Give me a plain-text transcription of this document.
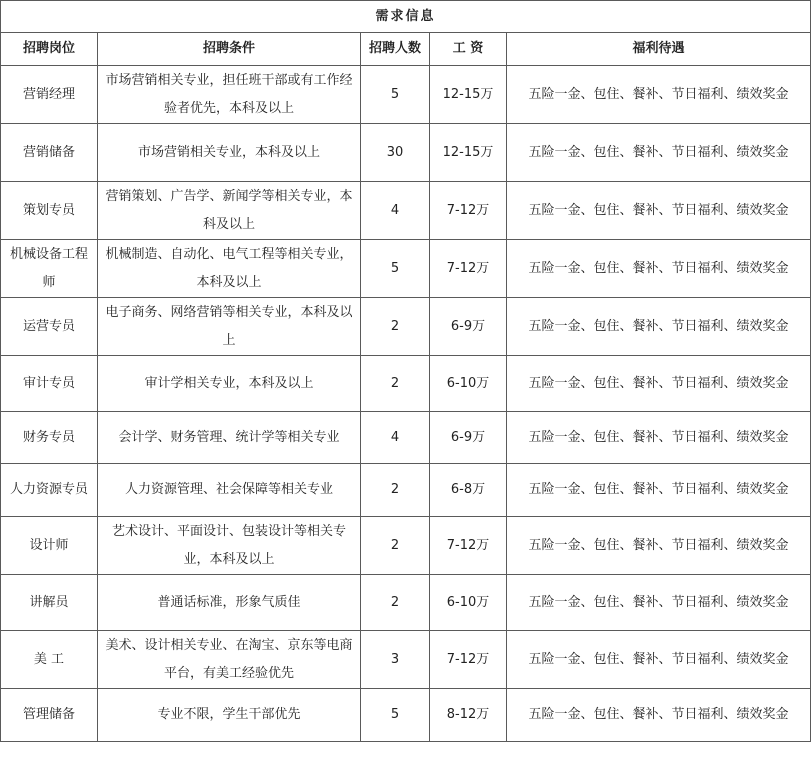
需求信息				
招聘岗位	招聘条件	招聘人数	工 资	福利待遇
营销经理	市场营销相关专业，担任班干部或有工作经验者优先，本科及以上	5	12-15万	五险一金、包住、餐补、节日福利、绩效奖金
营销储备	市场营销相关专业，本科及以上	30	12-15万	五险一金、包住、餐补、节日福利、绩效奖金
策划专员	营销策划、广告学、新闻学等相关专业，本科及以上	4	7-12万	五险一金、包住、餐补、节日福利、绩效奖金
机械设备工程师	机械制造、自动化、电气工程等相关专业，本科及以上	5	7-12万	五险一金、包住、餐补、节日福利、绩效奖金
运营专员	电子商务、网络营销等相关专业，本科及以上	2	6-9万	五险一金、包住、餐补、节日福利、绩效奖金
审计专员	审计学相关专业，本科及以上	2	6-10万	五险一金、包住、餐补、节日福利、绩效奖金
财务专员	会计学、财务管理、统计学等相关专业	4	6-9万	五险一金、包住、餐补、节日福利、绩效奖金
人力资源专员	人力资源管理、社会保障等相关专业	2	6-8万	五险一金、包住、餐补、节日福利、绩效奖金
设计师	艺术设计、平面设计、包装设计等相关专业，本科及以上	2	7-12万	五险一金、包住、餐补、节日福利、绩效奖金
讲解员	普通话标准，形象气质佳	2	6-10万	五险一金、包住、餐补、节日福利、绩效奖金
美 工	美术、设计相关专业、在淘宝、京东等电商平台，有美工经验优先	3	7-12万	五险一金、包住、餐补、节日福利、绩效奖金
管理储备	专业不限，学生干部优先	5	8-12万	五险一金、包住、餐补、节日福利、绩效奖金
